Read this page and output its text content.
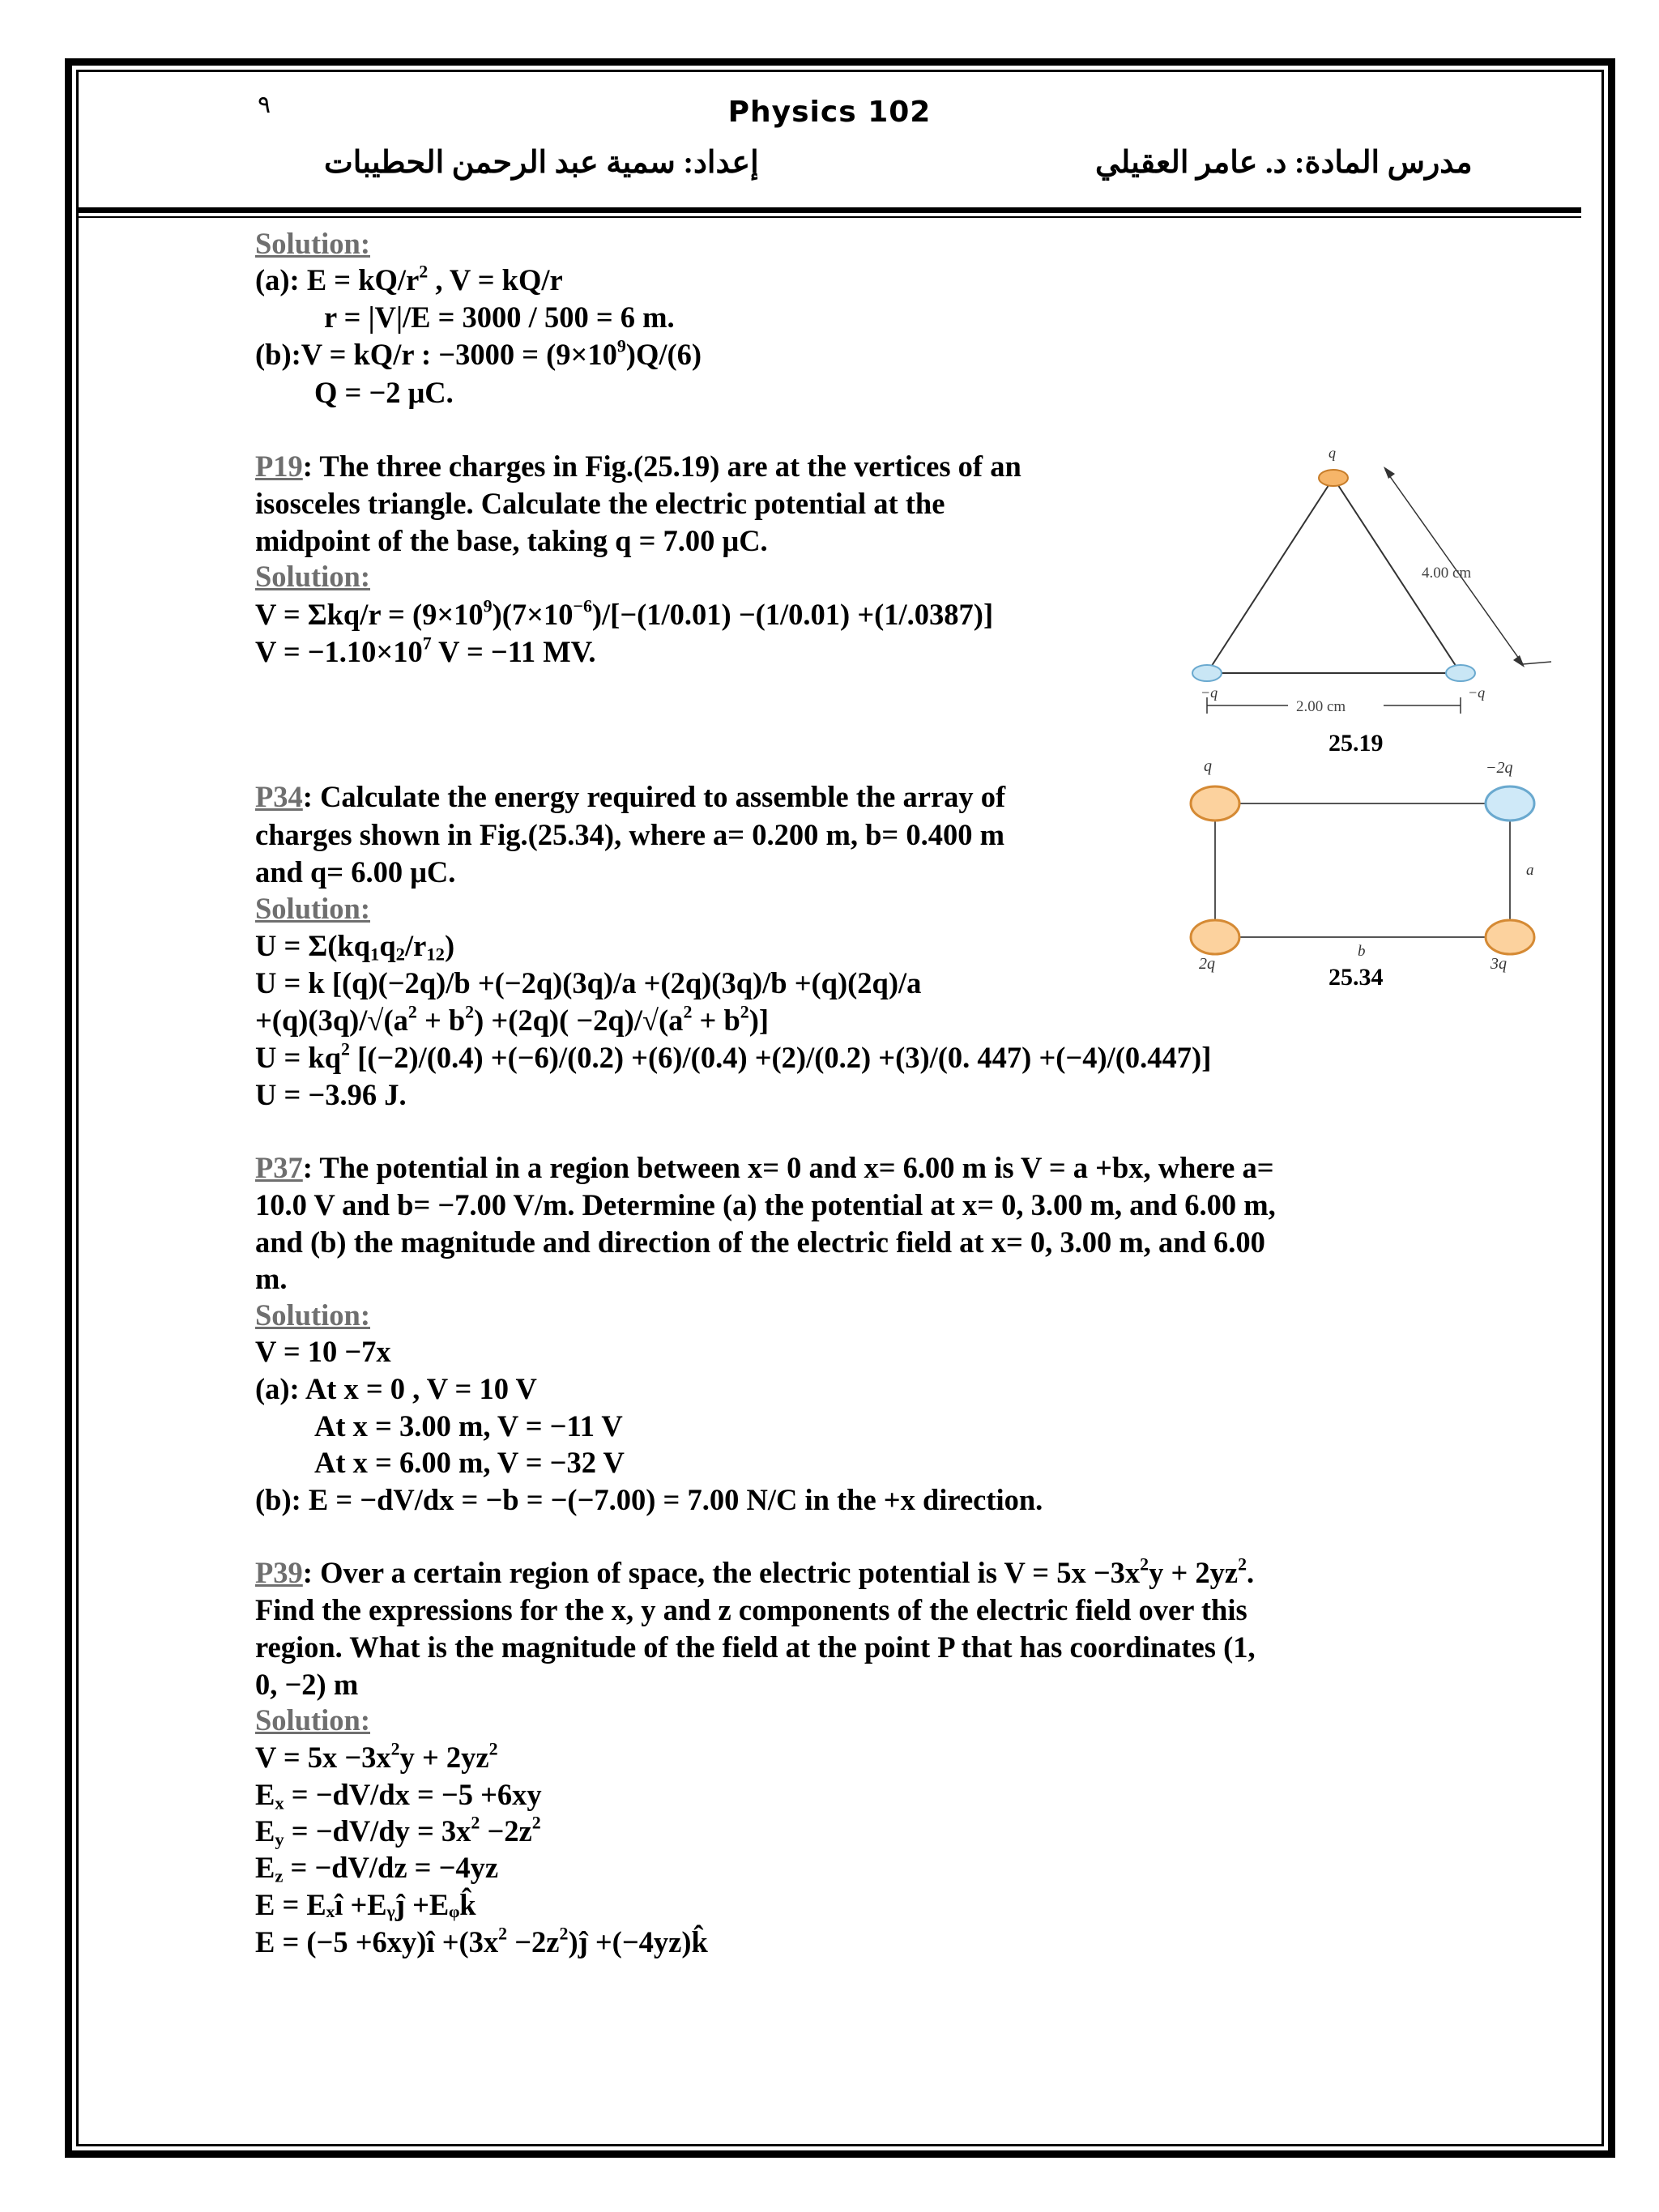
٩	Physics 102
إعداد: سمية عبد الرحمن الحطيبات	مدرس المادة: د. عامر العقيلي
Solution:
(a): $E = kQ/r^2$ , V = kQ/r
r = |V|/E = 3000 / 500 = 6 m.
(b):V = kQ/r : $-3000 = (9\times 10^9)Q/(6)$
Q = −2 μC.
P19: The three charges in Fig.(25.19) are at the vertices of an
isosceles triangle. Calculate the electric potential at the
midpoint of the base, taking q = 7.00 μC.
Solution:
$V = \Sigma kq/r = (9\times 10^9)(7\times 10^{-6})/[-(1/0.01) -(1/0.01) +(1/.0387)]$
$V = -1.10\times 10^7$ V = −11 MV.
q
−q	−q
4.00 cm
2.00 cm
25.19
P34: Calculate the energy required to assemble the array of
charges shown in Fig.(25.34), where a= 0.200 m, b= 0.400 m
and q= 6.00 μC.
Solution:
$U = \Sigma(kq_1q_2/r_{12})$
U = k [(q)(−2q)/b +(−2q)(3q)/a +(2q)(3q)/b +(q)(2q)/a
$+(q)(3q)/√(a^2 + b^2) +(2q)( -2q)/√(a^2 + b^2)$]
$U = kq^2$ [(−2)/(0.4) +(−6)/(0.2) +(6)/(0.4) +(2)/(0.2) +(3)/(0. 447) +(−4)/(0.447)]
U = −3.96 J.
q	−2q
2q	3q
a
b
25.34
P37: The potential in a region between x= 0 and x= 6.00 m is V = a +bx, where a=
10.0 V and b= −7.00 V/m. Determine (a) the potential at x= 0, 3.00 m, and 6.00 m,
and (b) the magnitude and direction of the electric field at x= 0, 3.00 m, and 6.00
m.
Solution:
V = 10 −7x
(a): At x = 0 , V = 10 V
At x = 3.00 m, V = −11 V
At x = 6.00 m, V = −32 V
(b): E = −dV/dx = −b = −(−7.00) = 7.00 N/C in the +x direction.
P39: Over a certain region of space, the electric potential is $V = 5x -3x^2y + 2yz^2$.
Find the expressions for the x, y and z components of the electric field over this
region. What is the magnitude of the field at the point P that has coordinates (1,
0, −2) m
Solution:
$V = 5x -3x^2y + 2yz^2$
$E_x = -dV/dx = -5 +6xy$
$E_y = -dV/dy = 3x^2 -2z^2$
$E_z = -dV/dz = -4yz$
E = Eₓî +Eᵧĵ +Eᵩk̂
E = (−5 +6xy)î $+(3x^2$ $-2z^2)ĵ$ +(−4yz)k̂
